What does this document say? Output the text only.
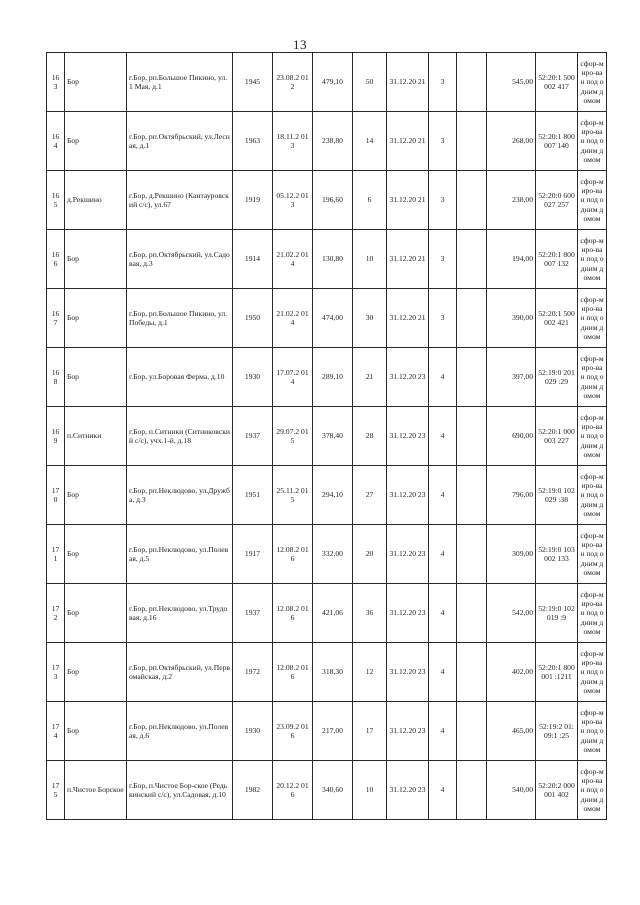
13
16 3	Бор	г.Бор, рп.Большое Пикино, ул.1 Мая, д.1	1945	23.08.2 012	479,10	50	31.12.20 21	3		545,00	52:20:1 500002 417	сфор-миро-ван под одним домом
16 4	Бор	г.Бор, рп.Октябрьский, ул.Лесная, д.1	1963	18.11.2 013	238,80	14	31.12.20 21	3		268,00	52:20:1 800007 140	сфор-миро-ван под одним домом
16 5	д.Рекшино	г.Бор, д.Рекшино (Кантауровский с/с), ул.67	1919	05.12.2 013	196,60	6	31.12.20 21	3		238,00	52:20:0 600027 257	сфор-миро-ван под одним домом
16 6	Бор	г.Бор, рп.Октябрьский, ул.Садовая, д.3	1914	21.02.2 014	130,80	10	31.12.20 21	3		194,00	52:20:1 800007 132	сфор-миро-ван под одним домом
16 7	Бор	г.Бор, рп.Большое Пикино, ул.Победы, д.1	1950	21.02.2 014	474,00	30	31.12.20 21	3		390,00	52:20:1 500002 421	сфор-миро-ван под одним домом
16 8	Бор	г.Бор, ул.Боровая Ферма, д.10	1930	17.07.2 014	289,10	21	31.12.20 23	4		397,00	52:19:0 201029 :29	сфор-миро-ван под одним домом
16 9	п.Ситники	г.Бор, п.Ситники (Ситниковский с/с), учх.1-й, д.18	1937	29.07.2 015	378,40	28	31.12.20 23	4		690,00	52:20:1 000003 227	сфор-миро-ван под одним домом
17 0	Бор	г.Бор, рп.Неклюдово, ул.Дружба, д.3	1951	25.11.2 015	294,10	27	31.12.20 23	4		796,00	52:19:0 102029 :38	сфор-миро-ван под одним домом
17 1	Бор	г.Бор, рп.Неклюдово, ул.Полевая, д.5	1917	12.08.2 016	332,00	20	31.12.20 23	4		309,00	52:19:0 103002 133	сфор-миро-ван под одним домом
17 2	Бор	г.Бор, рп.Неклюдово, ул.Трудовая, д.16	1937	12.08.2 016	421,06	36	31.12.20 23	4		542,00	52:19:0 102019 :9	сфор-миро-ван под одним домом
17 3	Бор	г.Бор, рп.Октябрьский, ул.Первомайская, д.2	1972	12.08.2 016	318,30	12	31.12.20 23	4		402,00	52:20:1 800001 :1211	сфор-миро-ван под одним домом
17 4	Бор	г.Бор, рп.Неклюдово, ул.Полевая, д.6	1930	23.09.2 016	217,00	17	31.12.20 23	4		465,00	52:19:2 01:09:1 :25	сфор-миро-ван под одним домом
17 5	п.Чистое Борское	г.Бор, п.Чистое Бор-ское (Редькинский с/с), ул.Садовая, д.10	1982	20.12.2 016	340,60	10	31.12.20 23	4		540,00	52:20:2 000001 402	сфор-миро-ван под одним домом
